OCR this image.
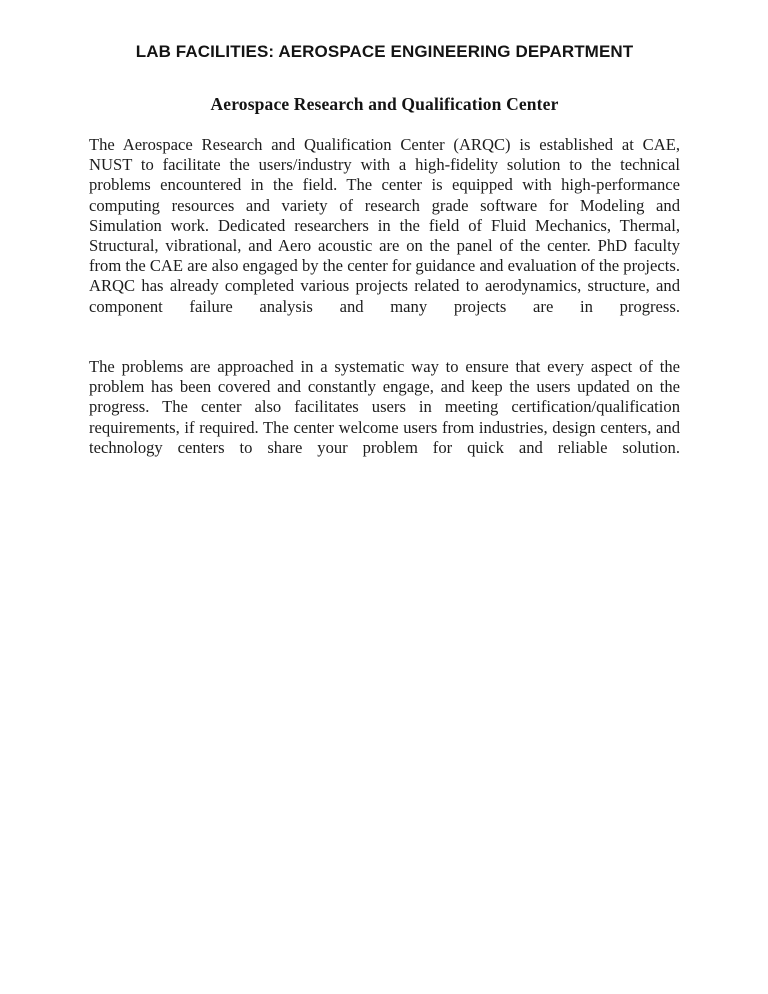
LAB FACILITIES: AEROSPACE ENGINEERING DEPARTMENT
Aerospace Research and Qualification Center

The Aerospace Research and Qualification Center (ARQC) is established at CAE, NUST to facilitate the users/industry with a high-fidelity solution to the technical problems encountered in the field. The center is equipped with high-performance computing resources and variety of research grade software for Modeling and Simulation work. Dedicated researchers in the field of Fluid Mechanics, Thermal, Structural, vibrational, and Aero acoustic are on the panel of the center. PhD faculty from the CAE are also engaged by the center for guidance and evaluation of the projects. ARQC has already completed various projects related to aerodynamics, structure, and component failure analysis and many projects are in progress.

The problems are approached in a systematic way to ensure that every aspect of the problem has been covered and constantly engage, and keep the users updated on the progress. The center also facilitates users in meeting certification/qualification requirements, if required. The center welcome users from industries, design centers, and technology centers to share your problem for quick and reliable solution.
